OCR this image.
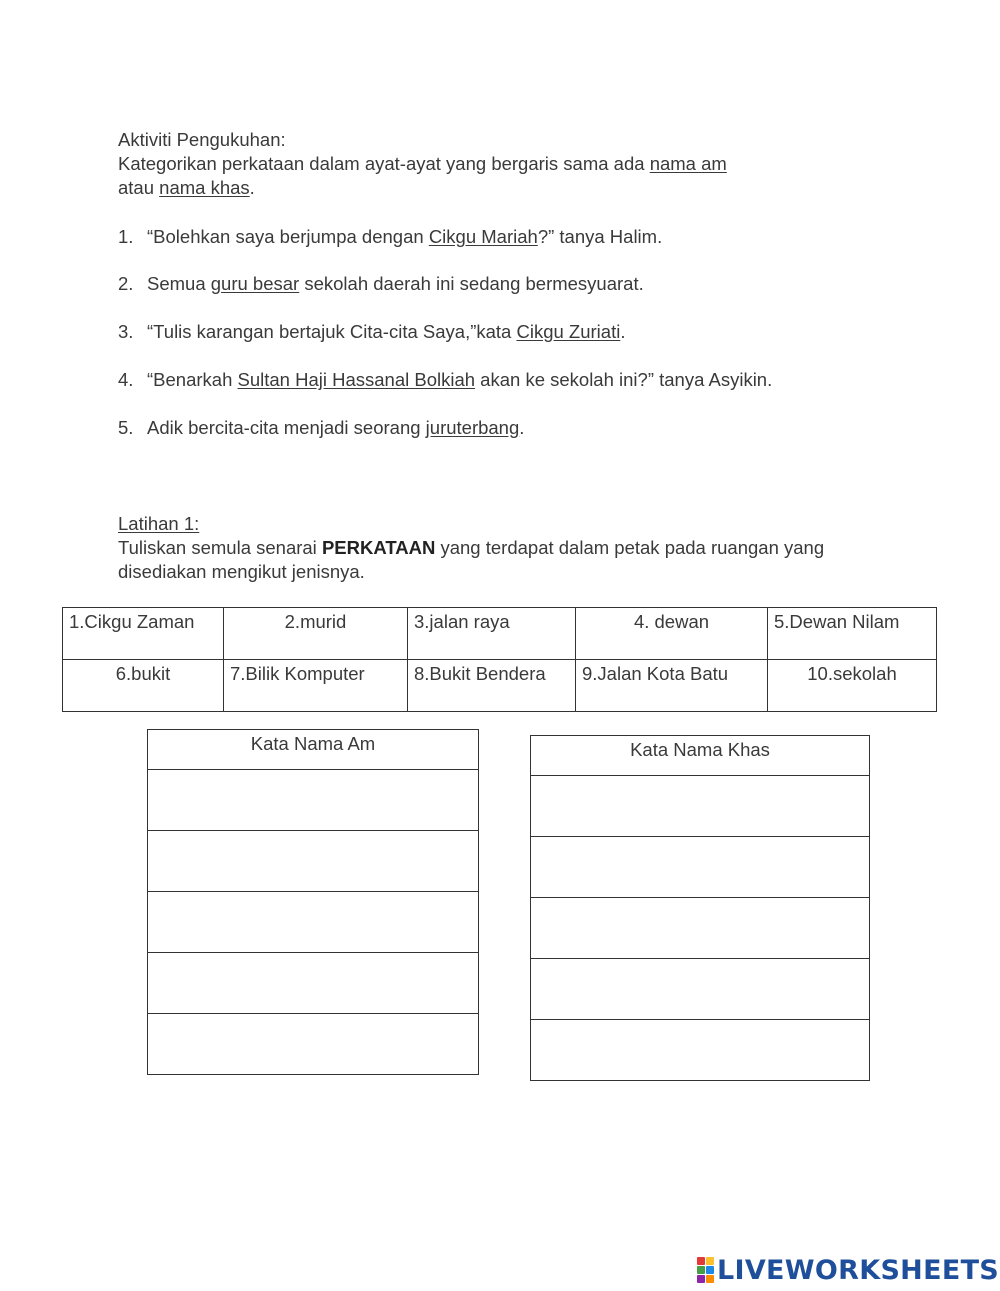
Aktiviti Pengukuhan:
Kategorikan perkataan dalam ayat-ayat yang bergaris sama ada nama am
atau nama khas.
1. “Bolehkan saya berjumpa dengan Cikgu Mariah?” tanya Halim.
2. Semua guru besar sekolah daerah ini sedang bermesyuarat.
3. “Tulis karangan bertajuk Cita-cita Saya,”kata Cikgu Zuriati.
4. “Benarkah Sultan Haji Hassanal Bolkiah akan ke sekolah ini?” tanya Asyikin.
5. Adik bercita-cita menjadi seorang juruterbang.
Latihan 1:
Tuliskan semula senarai PERKATAAN yang terdapat dalam petak pada ruangan yang disediakan mengikut jenisnya.
1.Cikgu Zaman	2.murid	3.jalan raya	4. dewan	5.Dewan Nilam
6.bukit	7.Bilik Komputer	8.Bukit Bendera	9.Jalan Kota Batu	10.sekolah
Kata Nama Am	Kata Nama Khas

LIVEWORKSHEETS
